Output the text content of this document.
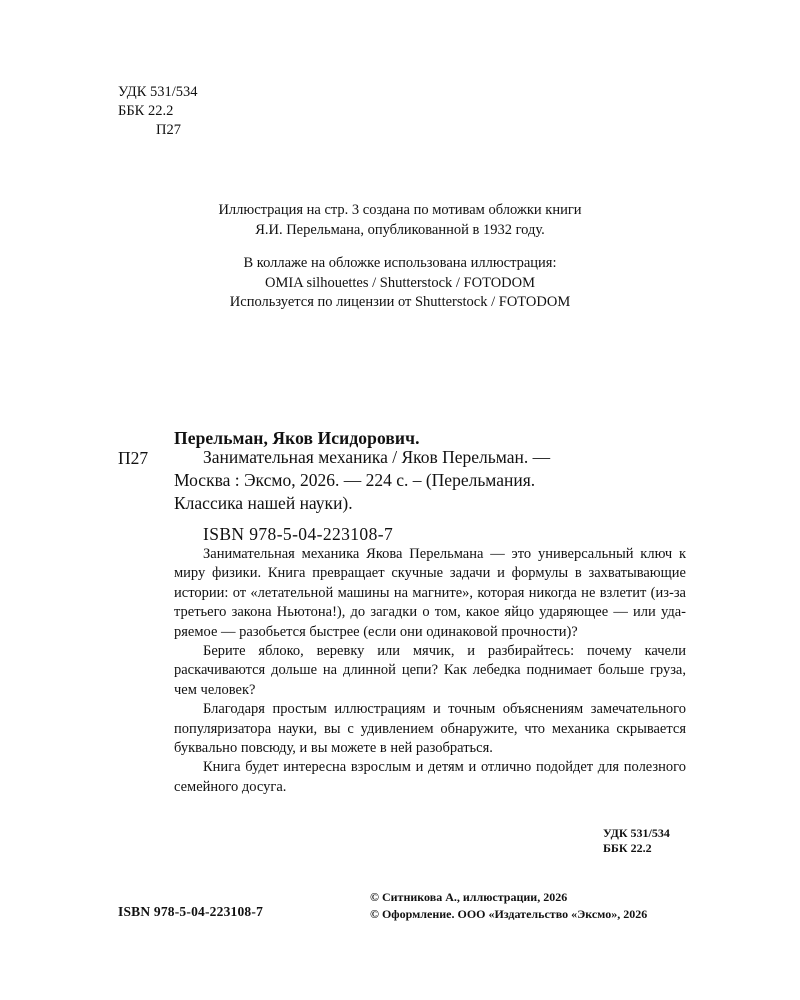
УДК 531/534
ББК 22.2
П27
Иллюстрация на стр. 3 создана по мотивам обложки книги
Я.И. Перельмана, опубликованной в 1932 году.
В коллаже на обложке использована иллюстрация:
OMIA silhouettes / Shutterstock / FOTODOM
Используется по лицензии от Shutterstock / FOTODOM
Перельман, Яков Исидорович.
П27	Занимательная механика / Яков Перельман. —
Москва : Эксмо, 2026. — 224 с. – (Перельмания.
Классика нашей науки).
ISBN 978-5-04-223108-7

Занимательная механика Якова Перельмана — это универсальный ключ к миру физики. Книга превращает скучные задачи и формулы в захватывающие истории: от «летательной машины на магните», которая никогда не взлетит (из-за третьего закона Ньютона!), до загадки о том, какое яйцо ударяющее — или ударяемое — разобьется быстрее (если они одинаковой прочности)?

Берите яблоко, веревку или мячик, и разбирайтесь: почему качели раскачиваются дольше на длинной цепи? Как лебедка поднимает больше груза, чем человек?

Благодаря простым иллюстрациям и точным объяснениям замечательного популяризатора науки, вы с удивлением обнаружите, что механика скрывается буквально повсюду, и вы можете в ней разобраться.

Книга будет интересна взрослым и детям и отлично подойдет для полезного семейного досуга.

УДК 531/534
ББК 22.2
ISBN 978-5-04-223108-7
© Ситникова А., иллюстрации, 2026
© Оформление. ООО «Издательство «Эксмо», 2026
